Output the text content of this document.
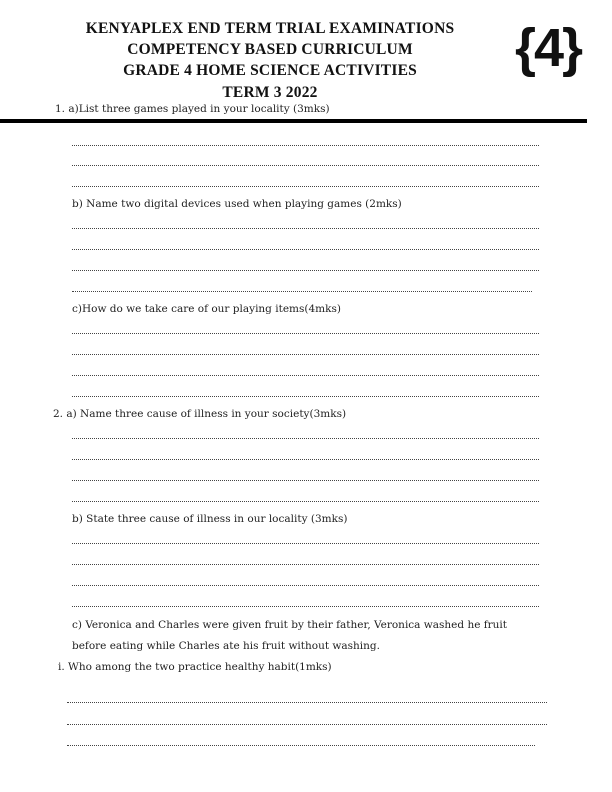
KENYAPLEX END TERM TRIAL EXAMINATIONS
COMPETENCY BASED CURRICULUM
GRADE 4 HOME SCIENCE ACTIVITIES
TERM 3 2022
{4}
1. a)List three games played in your locality (3mks)
b) Name two digital devices used when playing games (2mks)
c)How do we take care of our playing items(4mks)
2. a) Name three cause of illness in your society(3mks)
b) State three cause of illness in our locality (3mks)
c) Veronica and Charles were given fruit by their father, Veronica washed he fruit
before eating while Charles ate his fruit without washing.
i. Who among the two practice healthy habit(1mks)
